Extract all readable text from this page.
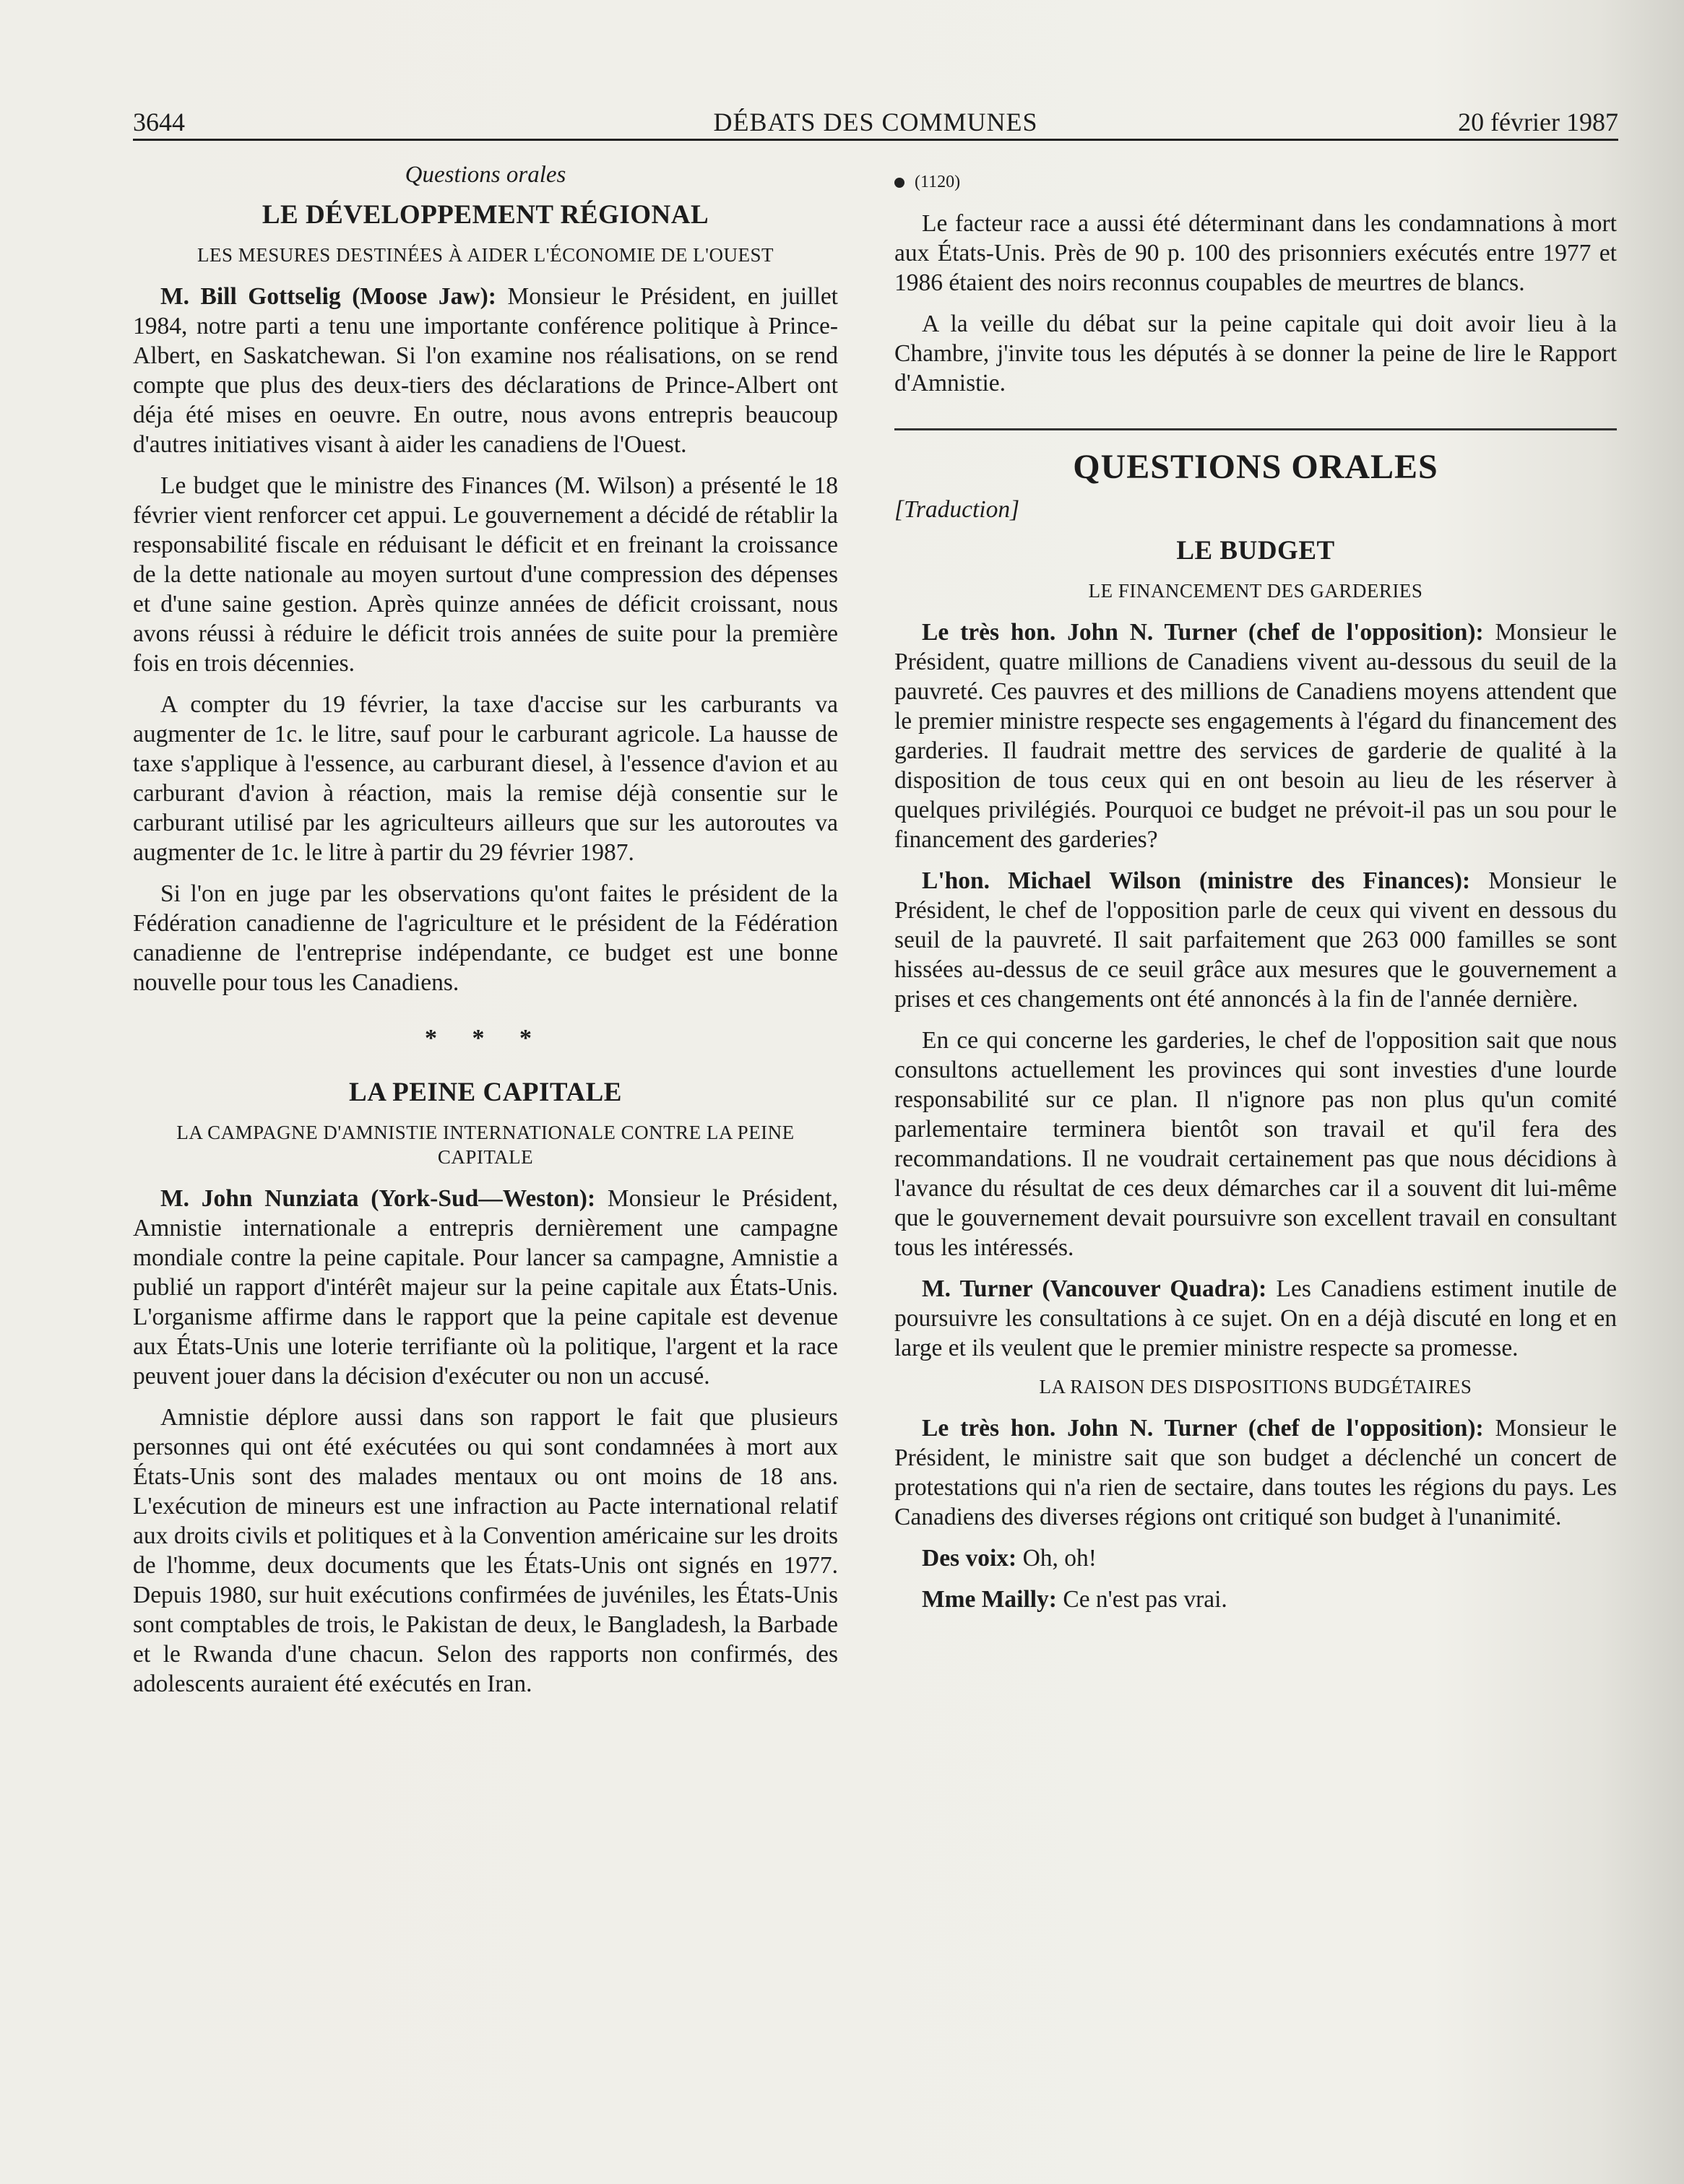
3644	DÉBATS DES COMMUNES	20 février 1987
Questions orales
LE DÉVELOPPEMENT RÉGIONAL
LES MESURES DESTINÉES À AIDER L'ÉCONOMIE DE L'OUEST

M. Bill Gottselig (Moose Jaw): Monsieur le Président, en juillet 1984, notre parti a tenu une importante conférence politique à Prince-Albert, en Saskatchewan. Si l'on examine nos réalisations, on se rend compte que plus des deux-tiers des déclarations de Prince-Albert ont déja été mises en oeuvre. En outre, nous avons entrepris beaucoup d'autres initiatives visant à aider les canadiens de l'Ouest.

Le budget que le ministre des Finances (M. Wilson) a présenté le 18 février vient renforcer cet appui. Le gouvernement a décidé de rétablir la responsabilité fiscale en réduisant le déficit et en freinant la croissance de la dette nationale au moyen surtout d'une compression des dépenses et d'une saine gestion. Après quinze années de déficit croissant, nous avons réussi à réduire le déficit trois années de suite pour la première fois en trois décennies.

A compter du 19 février, la taxe d'accise sur les carburants va augmenter de 1c. le litre, sauf pour le carburant agricole. La hausse de taxe s'applique à l'essence, au carburant diesel, à l'essence d'avion et au carburant d'avion à réaction, mais la remise déjà consentie sur le carburant utilisé par les agriculteurs ailleurs que sur les autoroutes va augmenter de 1c. le litre à partir du 29 février 1987.

Si l'on en juge par les observations qu'ont faites le président de la Fédération canadienne de l'agriculture et le président de la Fédération canadienne de l'entreprise indépendante, ce budget est une bonne nouvelle pour tous les Canadiens.

* * *
LA PEINE CAPITALE
LA CAMPAGNE D'AMNISTIE INTERNATIONALE CONTRE LA PEINE CAPITALE

M. John Nunziata (York-Sud—Weston): Monsieur le Président, Amnistie internationale a entrepris dernièrement une campagne mondiale contre la peine capitale. Pour lancer sa campagne, Amnistie a publié un rapport d'intérêt majeur sur la peine capitale aux États-Unis. L'organisme affirme dans le rapport que la peine capitale est devenue aux États-Unis une loterie terrifiante où la politique, l'argent et la race peuvent jouer dans la décision d'exécuter ou non un accusé.

Amnistie déplore aussi dans son rapport le fait que plusieurs personnes qui ont été exécutées ou qui sont condamnées à mort aux États-Unis sont des malades mentaux ou ont moins de 18 ans. L'exécution de mineurs est une infraction au Pacte international relatif aux droits civils et politiques et à la Convention américaine sur les droits de l'homme, deux documents que les États-Unis ont signés en 1977. Depuis 1980, sur huit exécutions confirmées de juvéniles, les États-Unis sont comptables de trois, le Pakistan de deux, le Bangladesh, la Barbade et le Rwanda d'une chacun. Selon des rapports non confirmés, des adolescents auraient été exécutés en Iran.

(1120)

Le facteur race a aussi été déterminant dans les condamnations à mort aux États-Unis. Près de 90 p. 100 des prisonniers exécutés entre 1977 et 1986 étaient des noirs reconnus coupables de meurtres de blancs.

A la veille du débat sur la peine capitale qui doit avoir lieu à la Chambre, j'invite tous les députés à se donner la peine de lire le Rapport d'Amnistie.

QUESTIONS ORALES
[Traduction]
LE BUDGET
LE FINANCEMENT DES GARDERIES

Le très hon. John N. Turner (chef de l'opposition): Monsieur le Président, quatre millions de Canadiens vivent au-dessous du seuil de la pauvreté. Ces pauvres et des millions de Canadiens moyens attendent que le premier ministre respecte ses engagements à l'égard du financement des garderies. Il faudrait mettre des services de garderie de qualité à la disposition de tous ceux qui en ont besoin au lieu de les réserver à quelques privilégiés. Pourquoi ce budget ne prévoit-il pas un sou pour le financement des garderies?

L'hon. Michael Wilson (ministre des Finances): Monsieur le Président, le chef de l'opposition parle de ceux qui vivent en dessous du seuil de la pauvreté. Il sait parfaitement que 263 000 familles se sont hissées au-dessus de ce seuil grâce aux mesures que le gouvernement a prises et ces changements ont été annoncés à la fin de l'année dernière.

En ce qui concerne les garderies, le chef de l'opposition sait que nous consultons actuellement les provinces qui sont investies d'une lourde responsabilité sur ce plan. Il n'ignore pas non plus qu'un comité parlementaire terminera bientôt son travail et qu'il fera des recommandations. Il ne voudrait certainement pas que nous décidions à l'avance du résultat de ces deux démarches car il a souvent dit lui-même que le gouvernement devait poursuivre son excellent travail en consultant tous les intéressés.

M. Turner (Vancouver Quadra): Les Canadiens estiment inutile de poursuivre les consultations à ce sujet. On en a déjà discuté en long et en large et ils veulent que le premier ministre respecte sa promesse.

LA RAISON DES DISPOSITIONS BUDGÉTAIRES

Le très hon. John N. Turner (chef de l'opposition): Monsieur le Président, le ministre sait que son budget a déclenché un concert de protestations qui n'a rien de sectaire, dans toutes les régions du pays. Les Canadiens des diverses régions ont critiqué son budget à l'unanimité.

Des voix: Oh, oh!

Mme Mailly: Ce n'est pas vrai.
